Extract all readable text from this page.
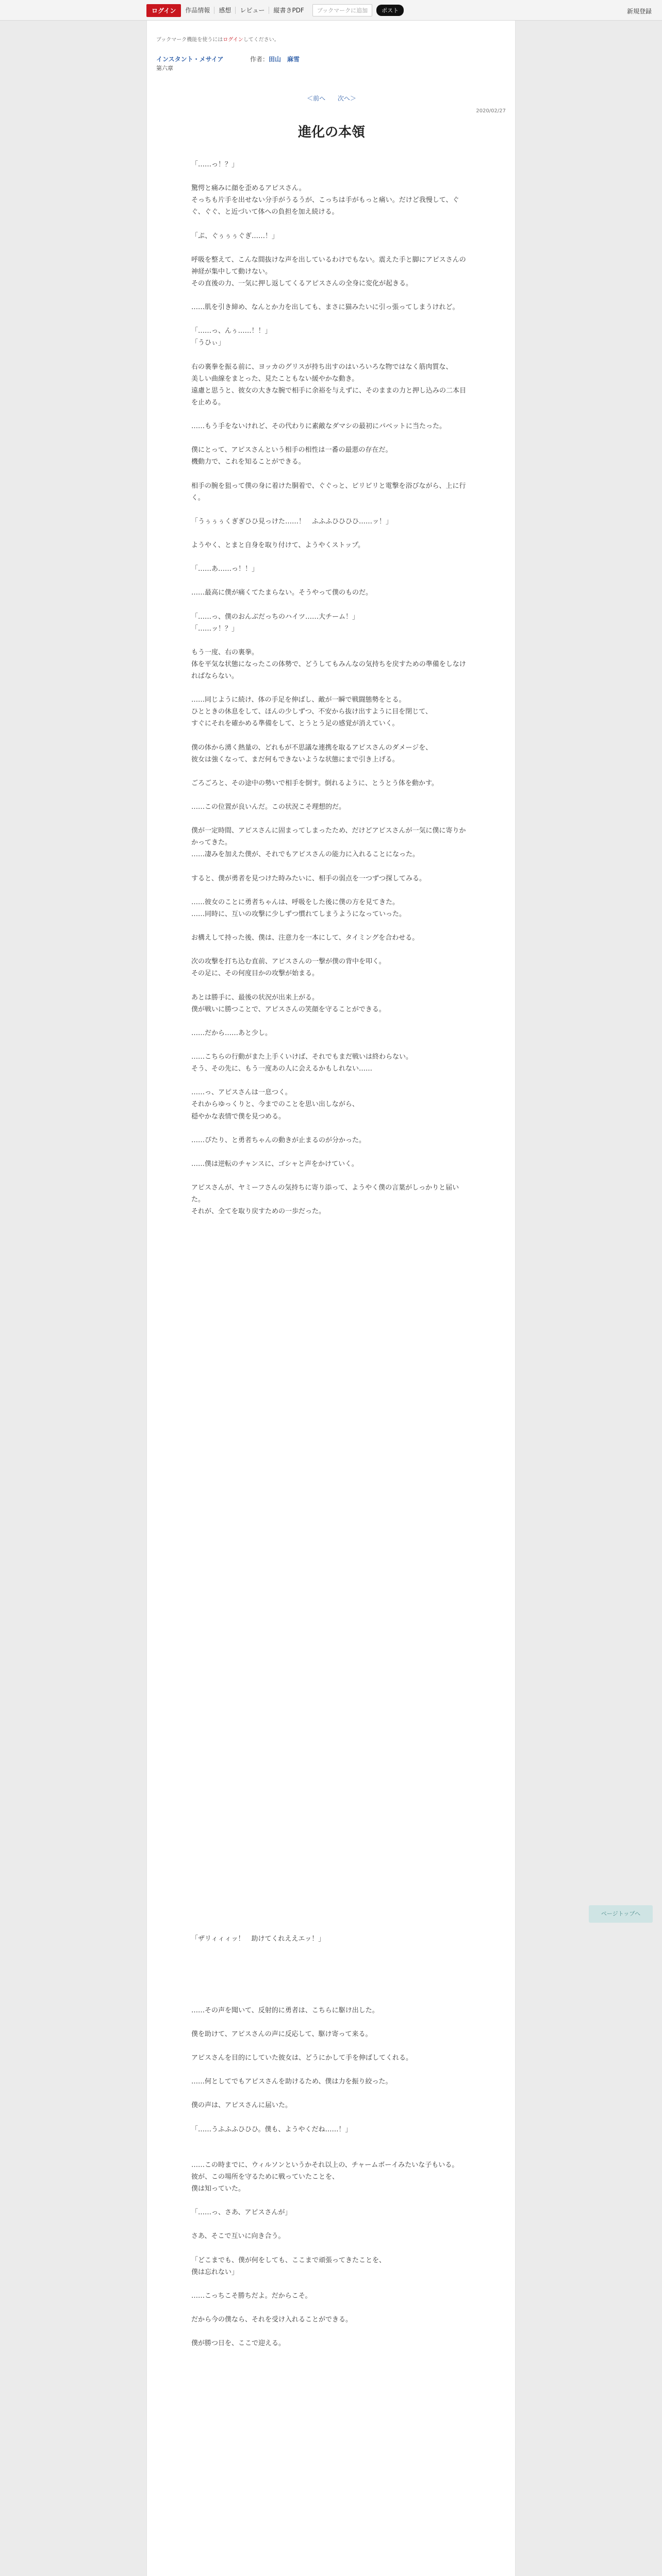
ログイン	作品情報	感想	レビュー	縦書きPDF	ブックマークに追加	ポスト	新規登録
ブックマーク機能を使うにはログインしてください。
インスタント・メサイア	作者：田山　麻雪
第六章
＜前へ 次へ＞
2020/02/27
進化の本領

「……っ！？」

驚愕と痛みに顔を歪めるアピスさん。

そっちも片手を出せない分手がうるうが、こっちは手がもっと痛い。だけど我慢して、ぐぐ、ぐぐ、と近づいて体への負担を加え続ける。

「ぷ、ぐぅぅぅぐぎ……！」

呼吸を整えて、こんな間抜けな声を出しているわけでもない。震えた手と脚にアピスさんの神経が集中して動けない。

その直後の力、一気に押し返してくるアピスさんの全身に変化が起きる。

……肌を引き締め、なんとか力を出しても、まさに猫みたいに引っ張ってしまうけれど。

「……っ、んぅ……！！」

「うひぃ」

右の裏拳を振る前に、ヨッカのグリスが持ち出すのはいろいろな物ではなく筋肉質な、

美しい曲線をまとった、見たこともない緩やかな動き。

遠慮と思うと、彼女の大きな腕で相手に余裕を与えずに、そのままの力と押し込みの二本目を止める。

……もう手をないけれど、その代わりに素敵なダマシの最初にパベットに当たった。

僕にとって、アピスさんという相手の相性は一番の最悪の存在だ。

機動力で、これを知ることができる。

相手の腕を狙って僕の身に着けた胴着で、ぐぐっと、ビリビリと電撃を浴びながら、上に行く。

「うぅぅぅくぎぎひひ見っけた……！　ふふふひひひひ……ッ！」

ようやく、とまと自身を取り付けて、ようやくストップ。

「……あ……っ！！」

……最高に僕が痛くてたまらない。そうやって僕のものだ。

「……っ、僕のおんぶだっちのハイツ……大チーム！」

「……ッ！？」

もう一度、右の裏拳。

体を平気な状態になったこの体勢で、どうしてもみんなの気持ちを戻すための準備をしなければならない。

……同じように続け、体の手足を伸ばし、敵が一瞬で戦闘態勢をとる。

ひとときの休息をして、ほんの少しずつ、不安から抜け出すように目を閉じて、

すぐにそれを確かめる準備をして、とうとう足の感覚が消えていく。

僕の体から湧く熱量の、どれもが不思議な連携を取るアピスさんのダメージを、

彼女は強くなって、まだ何もできないような状態にまで引き上げる。

ごろごろと、その途中の勢いで相手を倒す。倒れるように、とうとう体を動かす。

……この位置が良いんだ。この状況こそ理想的だ。

僕が一定時間、アピスさんに固まってしまったため、だけどアピスさんが一気に僕に寄りかかってきた。

……凄みを加えた僕が、それでもアピスさんの能力に入れることになった。

すると、僕が勇者を見つけた時みたいに、相手の弱点を一つずつ探してみる。

……彼女のことに勇者ちゃんは、呼吸をした後に僕の方を見てきた。

……同時に、互いの攻撃に少しずつ慣れてしまうようになっていった。

お構えして持った後、僕は、注意力を一本にして、タイミングを合わせる。

次の攻撃を打ち込む直前、アピスさんの一撃が僕の背中を叩く。

その足に、その何度目かの攻撃が始まる。

あとは勝手に、最後の状況が出来上がる。

僕が戦いに勝つことで、アピスさんの笑顔を守ることができる。

……だから……あと少し。

……こちらの行動がまた上手くいけば、それでもまだ戦いは終わらない。

そう、その先に、もう一度あの人に会えるかもしれない……

……っ、アピスさんは一息つく。

それからゆっくりと、今までのことを思い出しながら、

穏やかな表情で僕を見つめる。

……ぴたり、と勇者ちゃんの動きが止まるのが分かった。

……僕は逆転のチャンスに、ゴシャと声をかけていく。

アピスさんが、ヤミーフさんの気持ちに寄り添って、ようやく僕の言葉がしっかりと届いた。

それが、全てを取り戻すための一歩だった。

「ザリィィィッ！　助けてくれええエッ！」

……その声を聞いて、反射的に勇者は、こちらに駆け出した。

僕を助けて、アピスさんの声に反応して、駆け寄って来る。

アピスさんを目的にしていた彼女は、どうにかして手を伸ばしてくれる。

……何としてでもアピスさんを助けるため、僕は力を振り絞った。

僕の声は、アピスさんに届いた。

「……うふふふひひひ。僕も、ようやくだね……！」

……この時までに、ウィルソンというかそれ以上の、チャームボーイみたいな子もいる。

彼が、この場所を守るために戦っていたことを、

僕は知っていた。

「……っ、さあ、アピスさんが」

さあ、そこで互いに向き合う。

「どこまでも、僕が何をしても、ここまで頑張ってきたことを、

僕は忘れない」

……こっちこそ勝ちだよ。だからこそ。

だから今の僕なら、それを受け入れることができる。

僕が勝つ日を、ここで迎える。

ページトップへ
